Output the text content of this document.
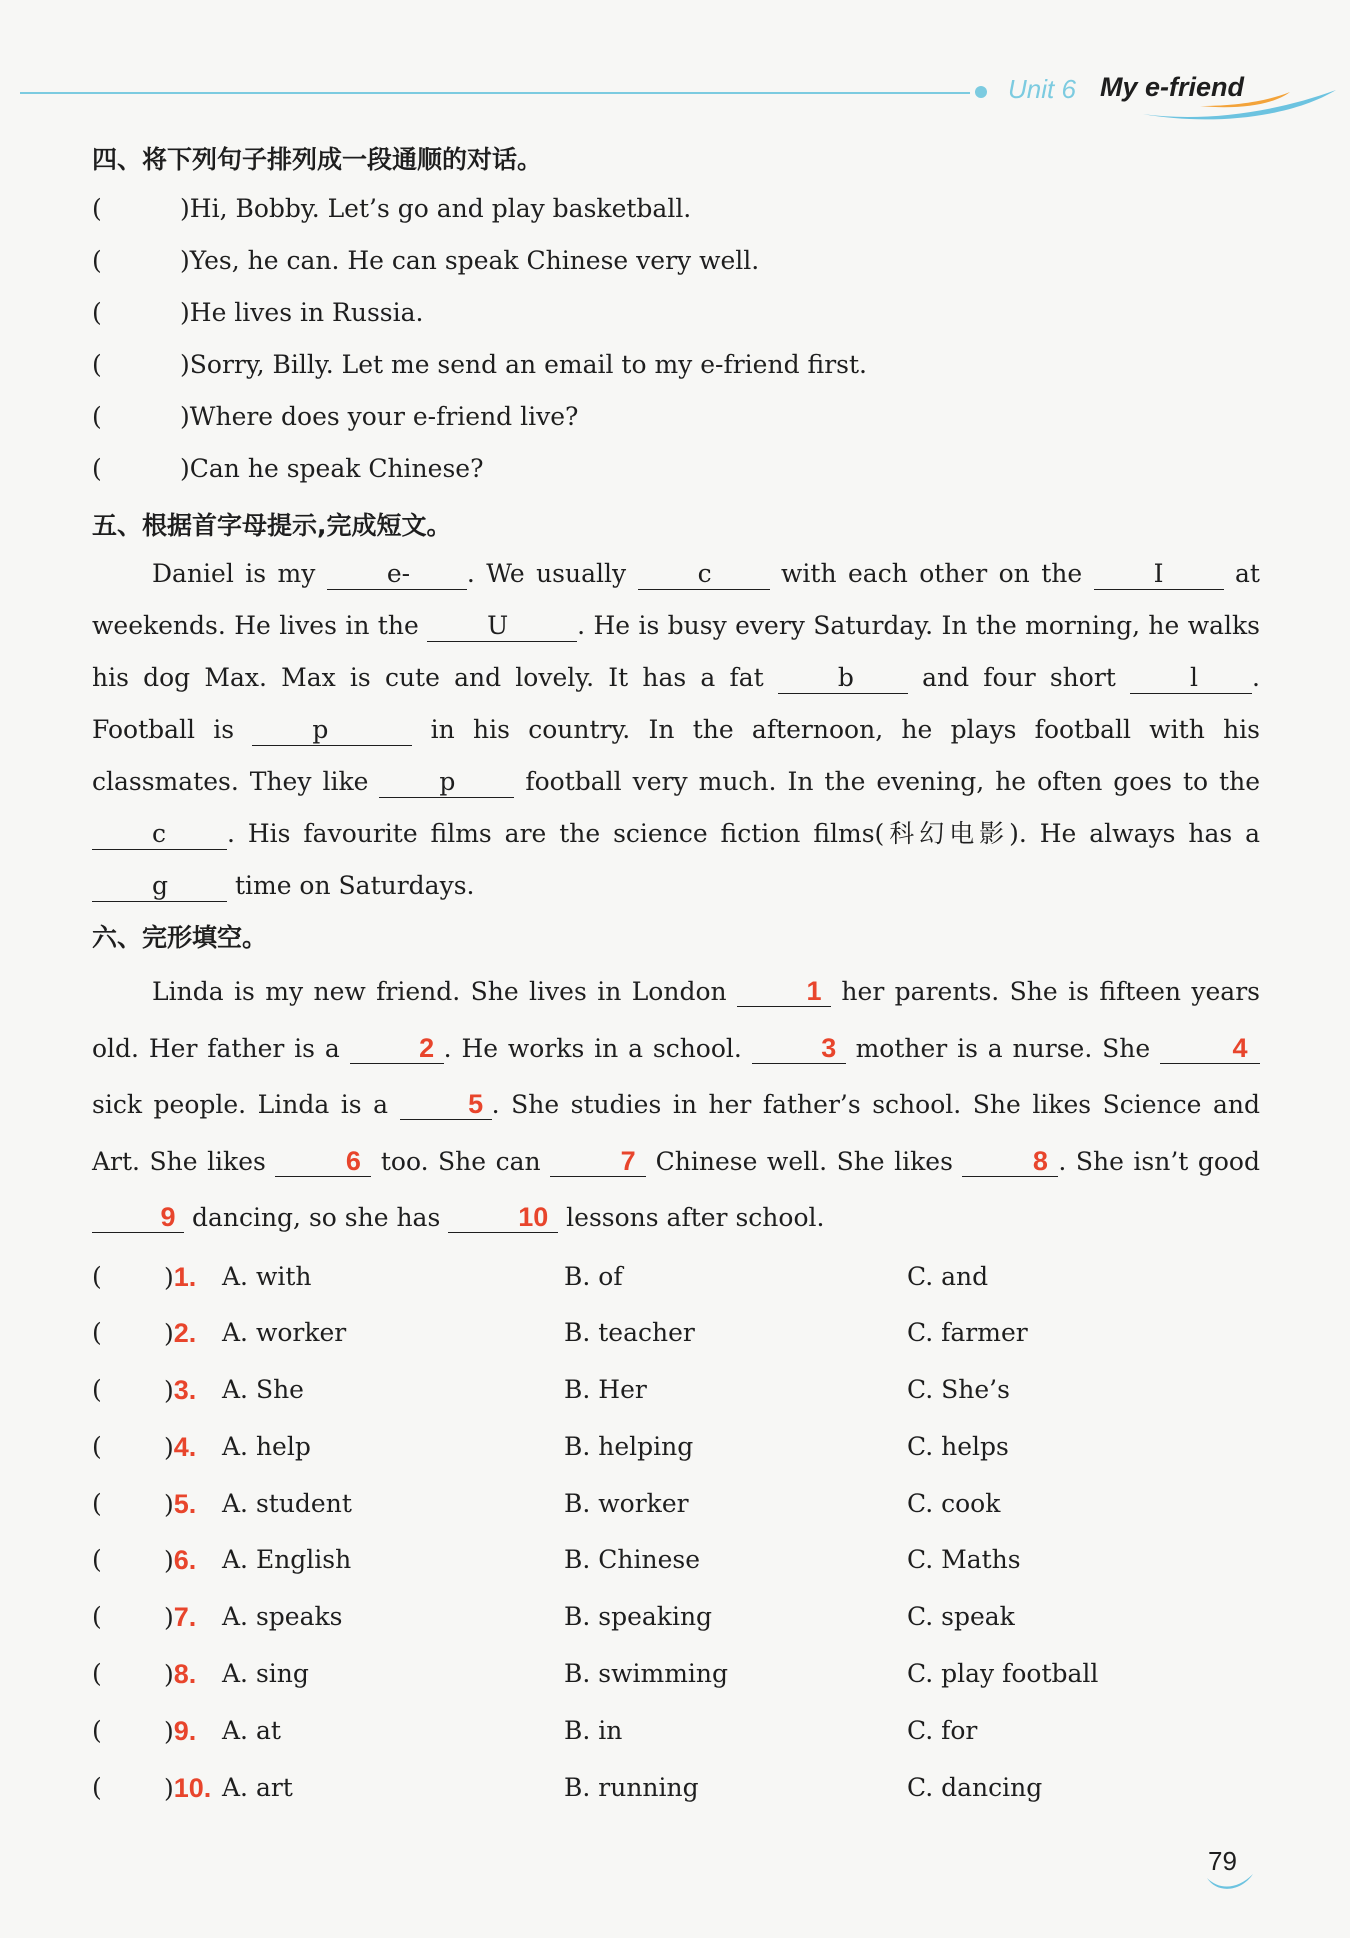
Unit 6 My e-friend
四、将下列句子排列成一段通顺的对话。
(	)Hi, Bobby. Let’s go and play basketball.
(	)Yes, he can. He can speak Chinese very well.
(	)He lives in Russia.
(	)Sorry, Billy. Let me send an email to my e-friend first.
(	)Where does your e-friend live?
(	)Can he speak Chinese?
五、根据首字母提示,完成短文。
Daniel is my e- . We usually c with each other on the I at weekends. He lives in the U	. He is busy every Saturday. In the morning, he walks his dog Max. Max is cute and lovely. It has a fat b and four short l . Football is p	in his country. In the afternoon, he plays football with his classmates. They like p football very much. In the evening, he often goes to the c . His favourite films are the science fiction films(科幻电影). He always has a g time on Saturdays.
六、完形填空。
Linda is my new friend. She lives in London	1 her parents. She is fifteen years old. Her father is a	2 . He works in a school.	3 mother is a nurse. She	4 sick people. Linda is a	5 . She studies in her father’s school. She likes Science and Art. She likes	6 too. She can	7 Chinese well. She likes	8 . She isn’t good 9 dancing, so she has	10 lessons after school.
( )1. A. with	B. of	C. and
( )2. A. worker	B. teacher	C. farmer
( )3. A. She	B. Her	C. She’s
( )4. A. help	B. helping	C. helps
( )5. A. student	B. worker	C. cook
( )6. A. English	B. Chinese	C. Maths
( )7. A. speaks	B. speaking	C. speak
( )8. A. sing	B. swimming	C. play football
( )9. A. at	B. in	C. for
( )10. A. art	B. running	C. dancing
79
